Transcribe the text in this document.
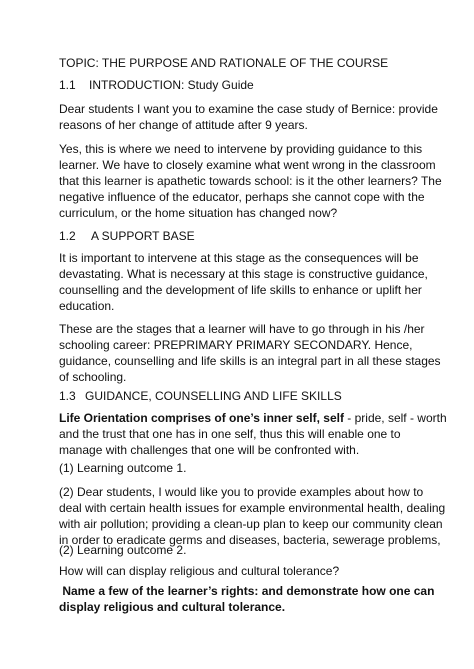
TOPIC: THE PURPOSE AND RATIONALE OF THE COURSE
1.1 INTRODUCTION: Study Guide
Dear students I want you to examine the case study of Bernice: provide
reasons of her change of attitude after 9 years.
Yes, this is where we need to intervene by providing guidance to this
learner. We have to closely examine what went wrong in the classroom
that this learner is apathetic towards school: is it the other learners? The
negative influence of the educator, perhaps she cannot cope with the
curriculum, or the home situation has changed now?
1.2 A SUPPORT BASE
It is important to intervene at this stage as the consequences will be
devastating. What is necessary at this stage is constructive guidance,
counselling and the development of life skills to enhance or uplift her
education.
These are the stages that a learner will have to go through in his /her
schooling career: PREPRIMARY PRIMARY SECONDARY. Hence,
guidance, counselling and life skills is an integral part in all these stages
of schooling.
1.3 GUIDANCE, COUNSELLING AND LIFE SKILLS
Life Orientation comprises of one’s inner self, self - pride, self - worth
and the trust that one has in one self, thus this will enable one to
manage with challenges that one will be confronted with.
(1) Learning outcome 1.
(2) Dear students, I would like you to provide examples about how to
deal with certain health issues for example environmental health, dealing
with air pollution; providing a clean-up plan to keep our community clean
in order to eradicate germs and diseases, bacteria, sewerage problems,
(2) Learning outcome 2.
How will can display religious and cultural tolerance?
Name a few of the learner’s rights: and demonstrate how one can
display religious and cultural tolerance.
